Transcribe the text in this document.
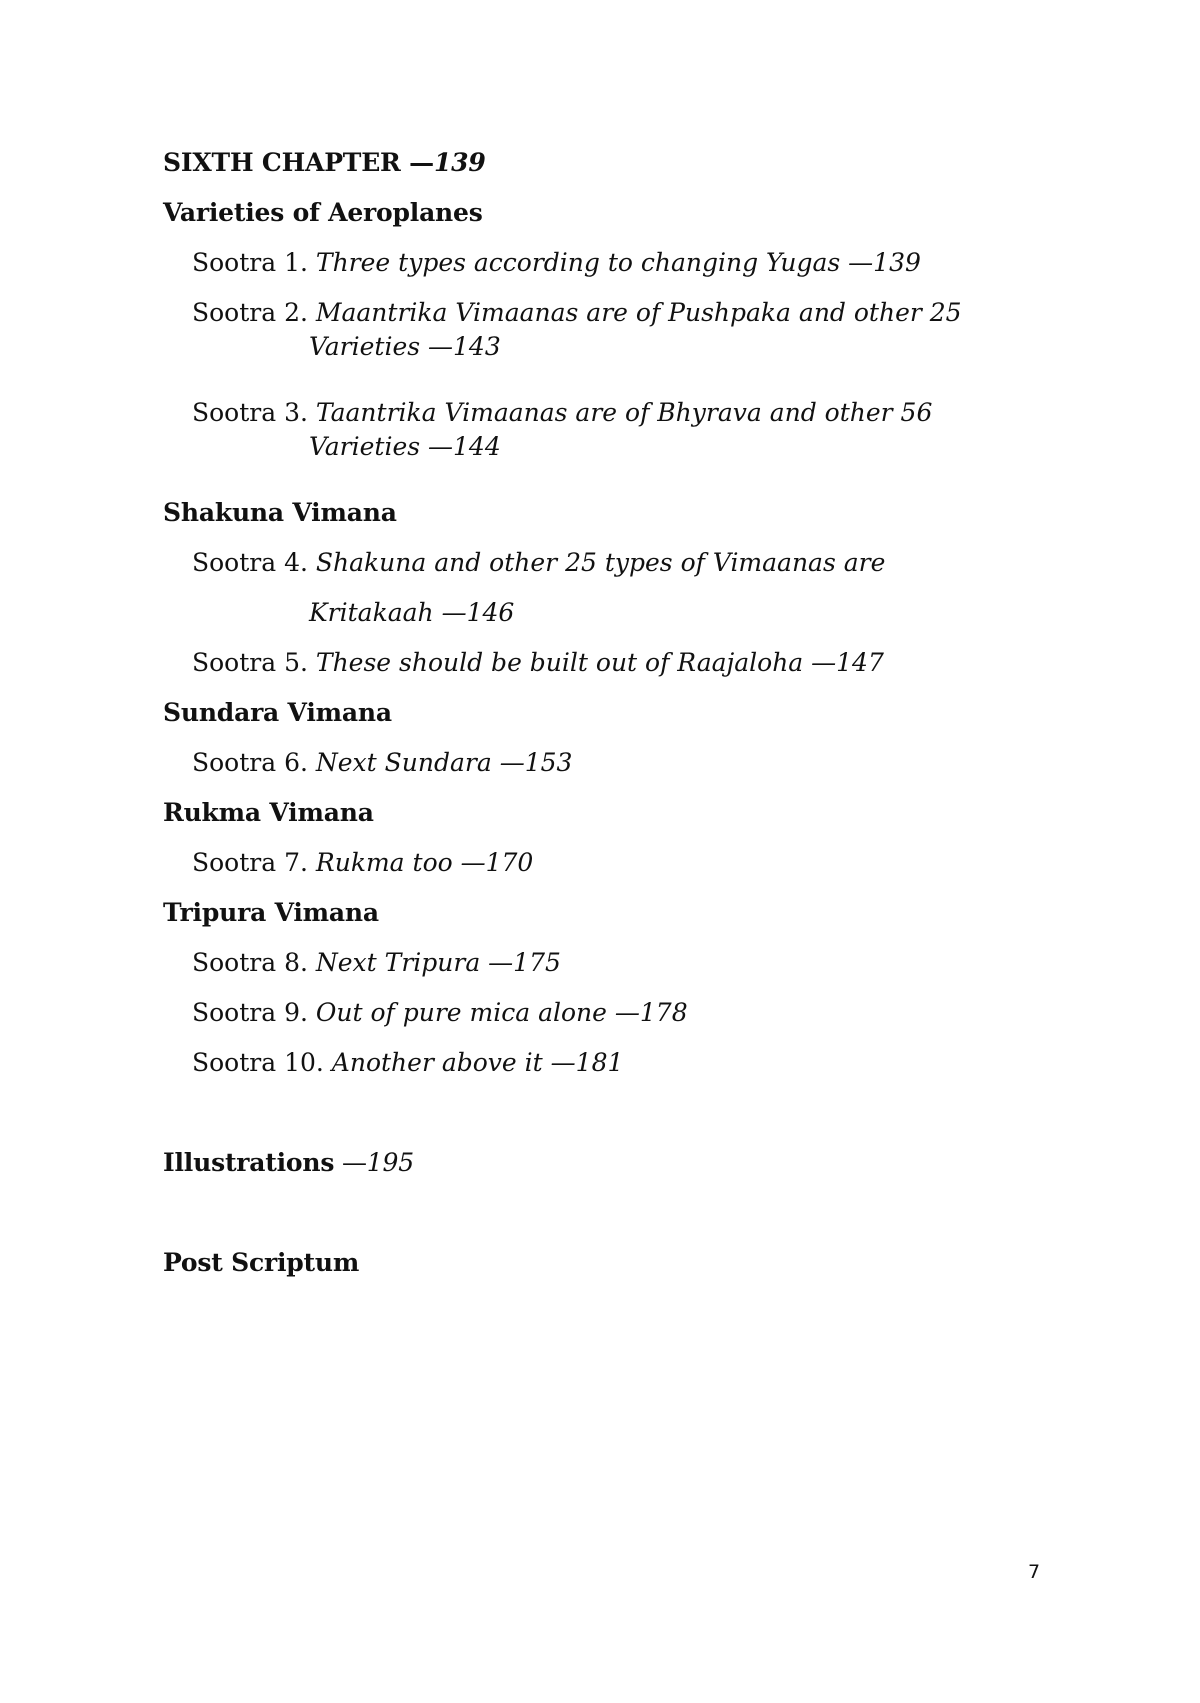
SIXTH CHAPTER —139
Varieties of Aeroplanes
Sootra 1. Three types according to changing Yugas —139
Sootra 2. Maantrika Vimaanas are of Pushpaka and other 25
Varieties —143
Sootra 3. Taantrika Vimaanas are of Bhyrava and other 56
Varieties —144
Shakuna Vimana
Sootra 4. Shakuna and other 25 types of Vimaanas are
Kritakaah —146
Sootra 5. These should be built out of Raajaloha —147
Sundara Vimana
Sootra 6. Next Sundara —153
Rukma Vimana
Sootra 7. Rukma too —170
Tripura Vimana
Sootra 8. Next Tripura —175
Sootra 9. Out of pure mica alone —178
Sootra 10. Another above it —181
Illustrations —195
Post Scriptum
7
